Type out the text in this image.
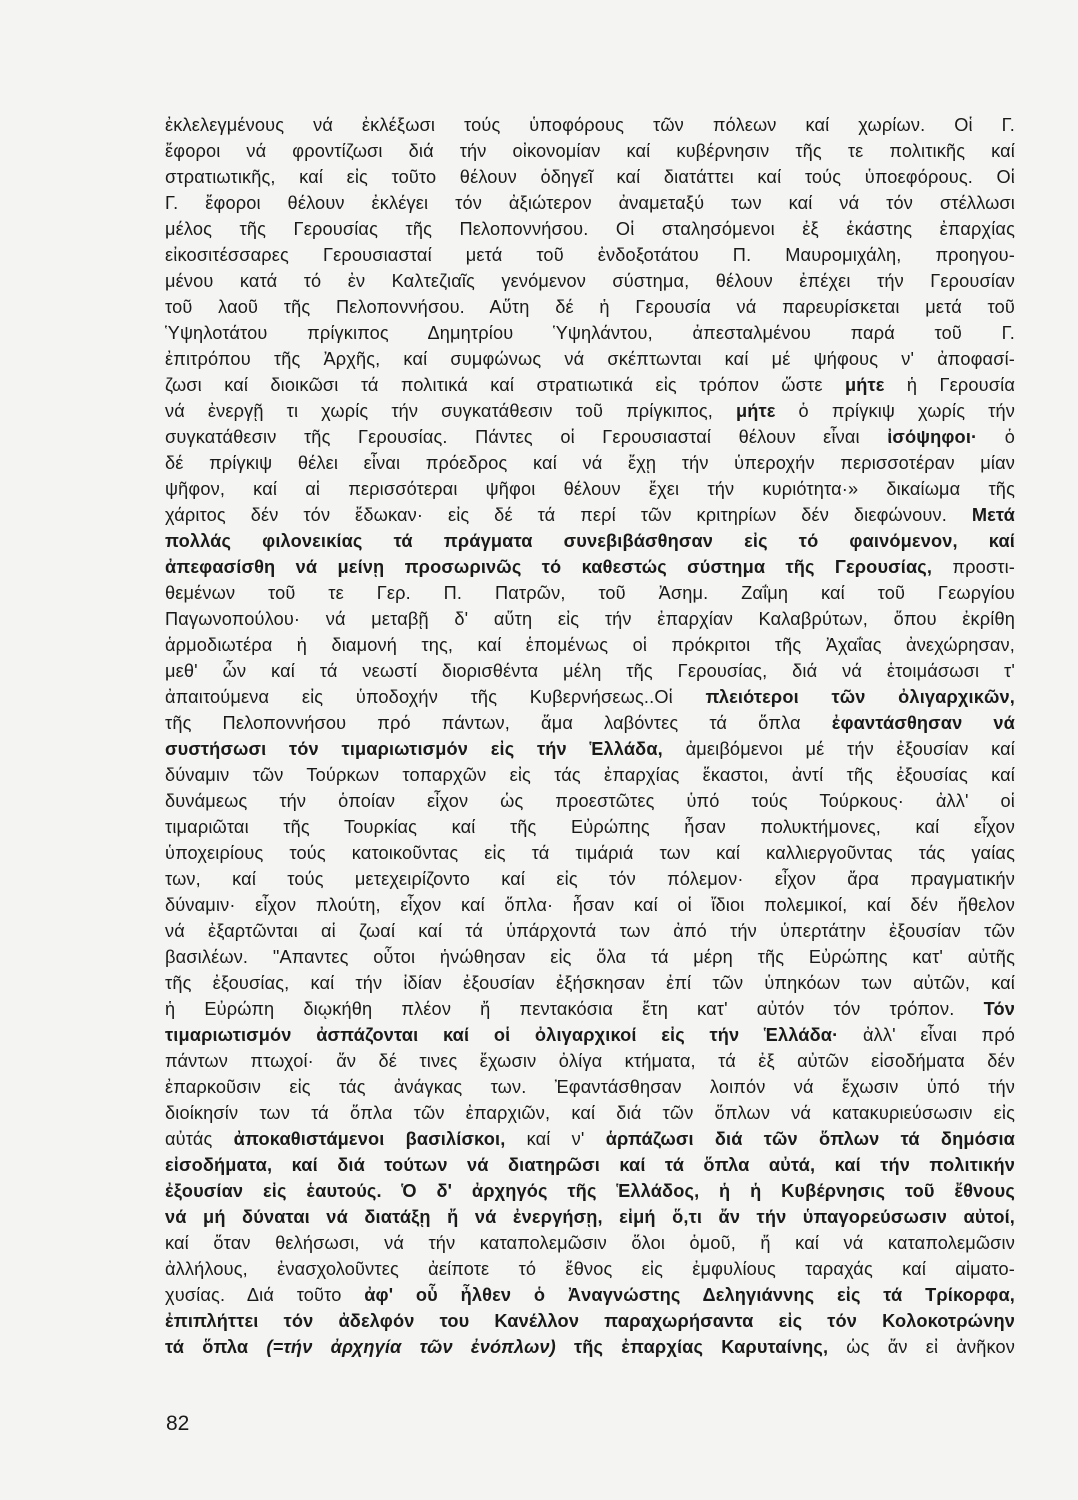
ἐκλελεγμένους νά ἐκλέξωσι τούς ὑποφόρους τῶν πόλεων καί χωρίων. Οἱ Γ.
ἔφοροι νά φροντίζωσι διά τήν οἰκονομίαν καί κυβέρνησιν τῆς τε πολιτικῆς καί
στρατιωτικῆς, καί εἰς τοῦτο θέλουν ὁδηγεῖ καί διατάττει καί τούς ὑποεφόρους. Οἱ
Γ. ἔφοροι θέλουν ἐκλέγει τόν ἀξιώτερον ἀναμεταξύ των καί νά τόν στέλλωσι
μέλος τῆς Γερουσίας τῆς Πελοποννήσου. Οἱ σταλησόμενοι ἐξ ἑκάστης ἐπαρχίας
εἰκοσιτέσσαρες Γερουσιασταί μετά τοῦ ἐνδοξοτάτου Π. Μαυρομιχάλη, προηγου-
μένου κατά τό ἐν Καλτεζιαῖς γενόμενον σύστημα, θέλουν ἐπέχει τήν Γερουσίαν
τοῦ λαοῦ τῆς Πελοποννήσου. Αὕτη δέ ἡ Γερουσία νά παρευρίσκεται μετά τοῦ
Ὑψηλοτάτου πρίγκιπος Δημητρίου Ὑψηλάντου, ἀπεσταλμένου παρά τοῦ Γ.
ἐπιτρόπου τῆς Ἀρχῆς, καί συμφώνως νά σκέπτωνται καί μέ ψήφους ν' ἀποφασί-
ζωσι καί διοικῶσι τά πολιτικά καί στρατιωτικά εἰς τρόπον ὥστε μήτε ἡ Γερουσία
νά ἐνεργῇ τι χωρίς τήν συγκατάθεσιν τοῦ πρίγκιπος, μήτε ὁ πρίγκιψ χωρίς τήν
συγκατάθεσιν τῆς Γερουσίας. Πάντες οἱ Γερουσιασταί θέλουν εἶναι ἰσόψηφοι· ὁ
δέ πρίγκιψ θέλει εἶναι πρόεδρος καί νά ἔχῃ τήν ὑπεροχήν περισσοτέραν μίαν
ψῆφον, καί αἱ περισσότεραι ψῆφοι θέλουν ἔχει τήν κυριότητα·» δικαίωμα τῆς
χάριτος δέν τόν ἔδωκαν· εἰς δέ τά περί τῶν κριτηρίων δέν διεφώνουν. Μετά
πολλάς φιλονεικίας τά πράγματα συνεβιβάσθησαν εἰς τό φαινόμενον, καί
ἀπεφασίσθη νά μείνῃ προσωρινῶς τό καθεστώς σύστημα τῆς Γερουσίας, προστι-
θεμένων τοῦ τε Γερ. Π. Πατρῶν, τοῦ Ἀσημ. Ζαΐμη καί τοῦ Γεωργίου
Παγωνοπούλου· νά μεταβῇ δ' αὕτη εἰς τήν ἐπαρχίαν Καλαβρύτων, ὅπου ἐκρίθη
ἁρμοδιωτέρα ἡ διαμονή της, καί ἑπομένως οἱ πρόκριτοι τῆς Ἀχαΐας ἀνεχώρησαν,
μεθ' ὧν καί τά νεωστί διορισθέντα μέλη τῆς Γερουσίας, διά νά ἑτοιμάσωσι τ'
ἀπαιτούμενα εἰς ὑποδοχήν τῆς Κυβερνήσεως..Οἱ πλειότεροι τῶν ὀλιγαρχικῶν,
τῆς Πελοποννήσου πρό πάντων, ἅμα λαβόντες τά ὅπλα ἐφαντάσθησαν νά
συστήσωσι τόν τιμαριωτισμόν εἰς τήν Ἑλλάδα, ἀμειβόμενοι μέ τήν ἐξουσίαν καί
δύναμιν τῶν Τούρκων τοπαρχῶν εἰς τάς ἐπαρχίας ἕκαστοι, ἀντί τῆς ἐξουσίας καί
δυνάμεως τήν ὁποίαν εἶχον ὡς προεστῶτες ὑπό τούς Τούρκους· ἀλλ' οἱ
τιμαριῶται τῆς Τουρκίας καί τῆς Εὐρώπης ἦσαν πολυκτήμονες, καί εἶχον
ὑποχειρίους τούς κατοικοῦντας εἰς τά τιμάριά των καί καλλιεργοῦντας τάς γαίας
των, καί τούς μετεχειρίζοντο καί εἰς τόν πόλεμον· εἶχον ἄρα πραγματικήν
δύναμιν· εἶχον πλούτη, εἶχον καί ὅπλα· ἦσαν καί οἱ ἴδιοι πολεμικοί, καί δέν ἤθελον
νά ἐξαρτῶνται αἱ ζωαί καί τά ὑπάρχοντά των ἀπό τήν ὑπερτάτην ἐξουσίαν τῶν
βασιλέων. "Απαντες οὗτοι ἡνώθησαν εἰς ὅλα τά μέρη τῆς Εὐρώπης κατ' αὐτῆς
τῆς ἐξουσίας, καί τήν ἰδίαν ἐξουσίαν ἐξήσκησαν ἐπί τῶν ὑπηκόων των αὐτῶν, καί
ἡ Εὐρώπη διῳκήθη πλέον ἤ πεντακόσια ἔτη κατ' αὐτόν τόν τρόπον. Τόν
τιμαριωτισμόν ἀσπάζονται καί οἱ ὀλιγαρχικοί εἰς τήν Ἑλλάδα· ἀλλ' εἶναι πρό
πάντων πτωχοί· ἄν δέ τινες ἔχωσιν ὀλίγα κτήματα, τά ἐξ αὐτῶν εἰσοδήματα δέν
ἐπαρκοῦσιν εἰς τάς ἀνάγκας των. Ἐφαντάσθησαν λοιπόν νά ἔχωσιν ὑπό τήν
διοίκησίν των τά ὅπλα τῶν ἐπαρχιῶν, καί διά τῶν ὅπλων νά κατακυριεύσωσιν εἰς
αὐτάς ἀποκαθιστάμενοι βασιλίσκοι, καί ν' ἁρπάζωσι διά τῶν ὅπλων τά δημόσια
εἰσοδήματα, καί διά τούτων νά διατηρῶσι καί τά ὅπλα αὐτά, καί τήν πολιτικήν
ἐξουσίαν εἰς ἑαυτούς. Ὁ δ' ἀρχηγός τῆς Ἑλλάδος, ἡ ἡ Κυβέρνησις τοῦ ἔθνους
νά μή δύναται νά διατάξῃ ἤ νά ἐνεργήσῃ, εἰμή ὅ,τι ἄν τήν ὑπαγορεύσωσιν αὐτοί,
καί ὅταν θελήσωσι, νά τήν καταπολεμῶσιν ὅλοι ὁμοῦ, ἤ καί νά καταπολεμῶσιν
ἀλλήλους, ἐνασχολοῦντες ἀείποτε τό ἔθνος εἰς ἐμφυλίους ταραχάς καί αἱματο-
χυσίας. Διά τοῦτο ἀφ' οὗ ἦλθεν ὁ Ἀναγνώστης Δεληγιάννης εἰς τά Τρίκορφα,
ἐπιπλήττει τόν ἀδελφόν του Κανέλλον παραχωρήσαντα εἰς τόν Κολοκοτρώνην
τά ὅπλα (=τήν ἀρχηγία τῶν ἐνόπλων) τῆς ἐπαρχίας Καρυταίνης, ὡς ἄν εἰ ἀνῆκον
82
